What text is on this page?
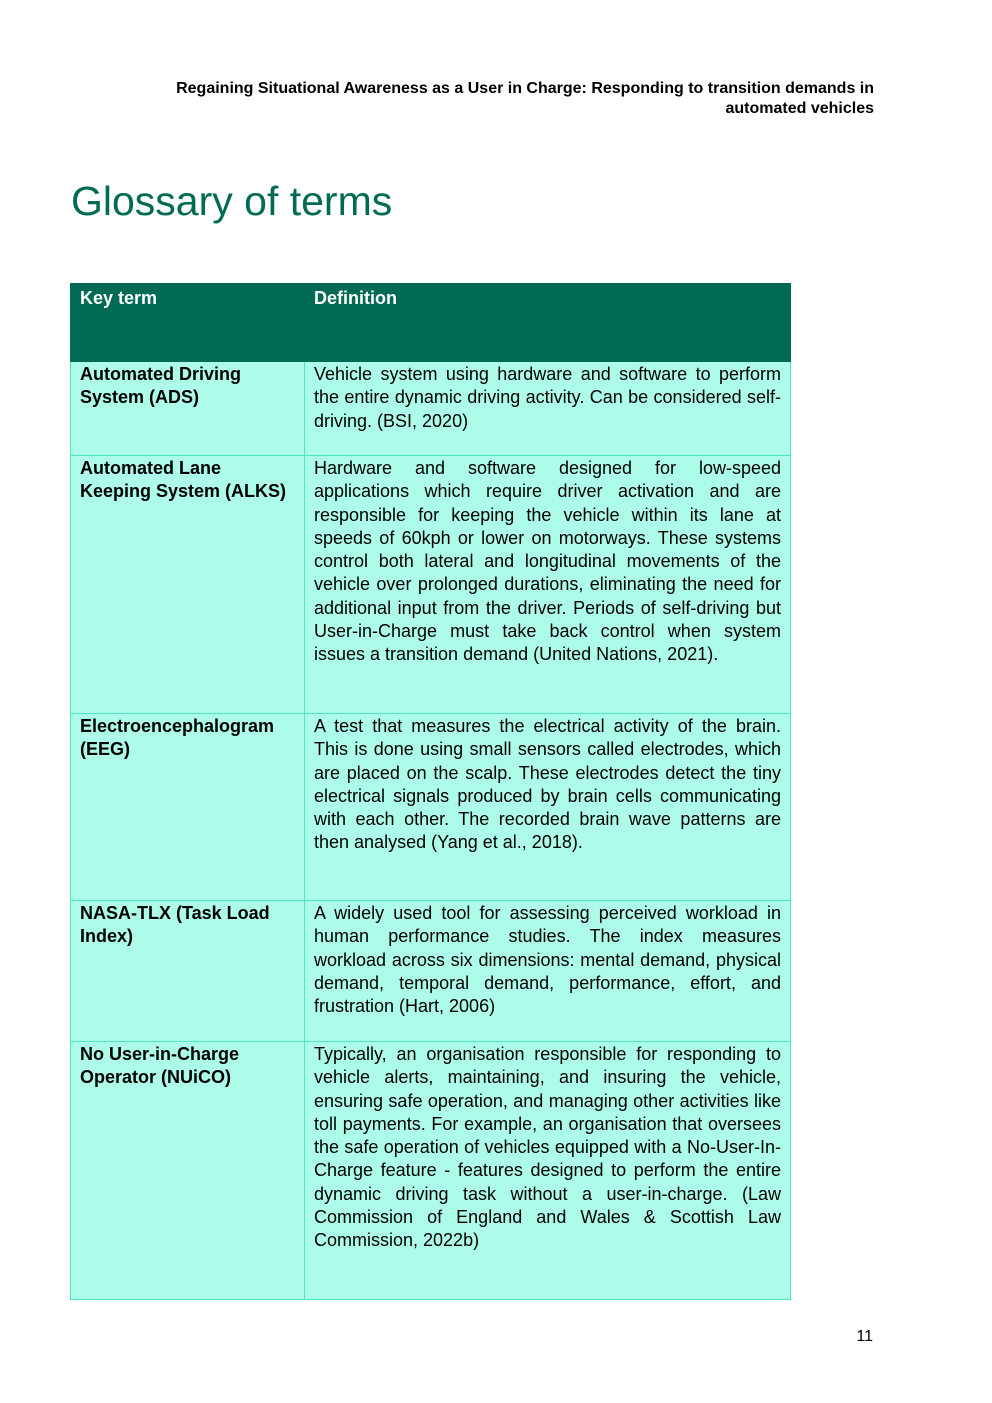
Regaining Situational Awareness as a User in Charge: Responding to transition demands in automated vehicles
Glossary of terms
Key term	Definition
Automated Driving System (ADS)	Vehicle system using hardware and software to perform the entire dynamic driving activity. Can be considered self-driving. (BSI, 2020)
Automated Lane Keeping System (ALKS)	Hardware and software designed for low-speed applications which require driver activation and are responsible for keeping the vehicle within its lane at speeds of 60kph or lower on motorways. These systems control both lateral and longitudinal movements of the vehicle over prolonged durations, eliminating the need for additional input from the driver. Periods of self-driving but User-in-Charge must take back control when system issues a transition demand (United Nations, 2021).
Electroencephalogram (EEG)	A test that measures the electrical activity of the brain. This is done using small sensors called electrodes, which are placed on the scalp. These electrodes detect the tiny electrical signals produced by brain cells communicating with each other. The recorded brain wave patterns are then analysed (Yang et al., 2018).
NASA-TLX (Task Load Index)	A widely used tool for assessing perceived workload in human performance studies. The index measures workload across six dimensions: mental demand, physical demand, temporal demand, performance, effort, and frustration (Hart, 2006)
No User-in-Charge Operator (NUiCO)	Typically, an organisation responsible for responding to vehicle alerts, maintaining, and insuring the vehicle, ensuring safe operation, and managing other activities like toll payments. For example, an organisation that oversees the safe operation of vehicles equipped with a No-User-In-Charge feature - features designed to perform the entire dynamic driving task without a user-in-charge. (Law Commission of England and Wales & Scottish Law Commission, 2022b)
11
